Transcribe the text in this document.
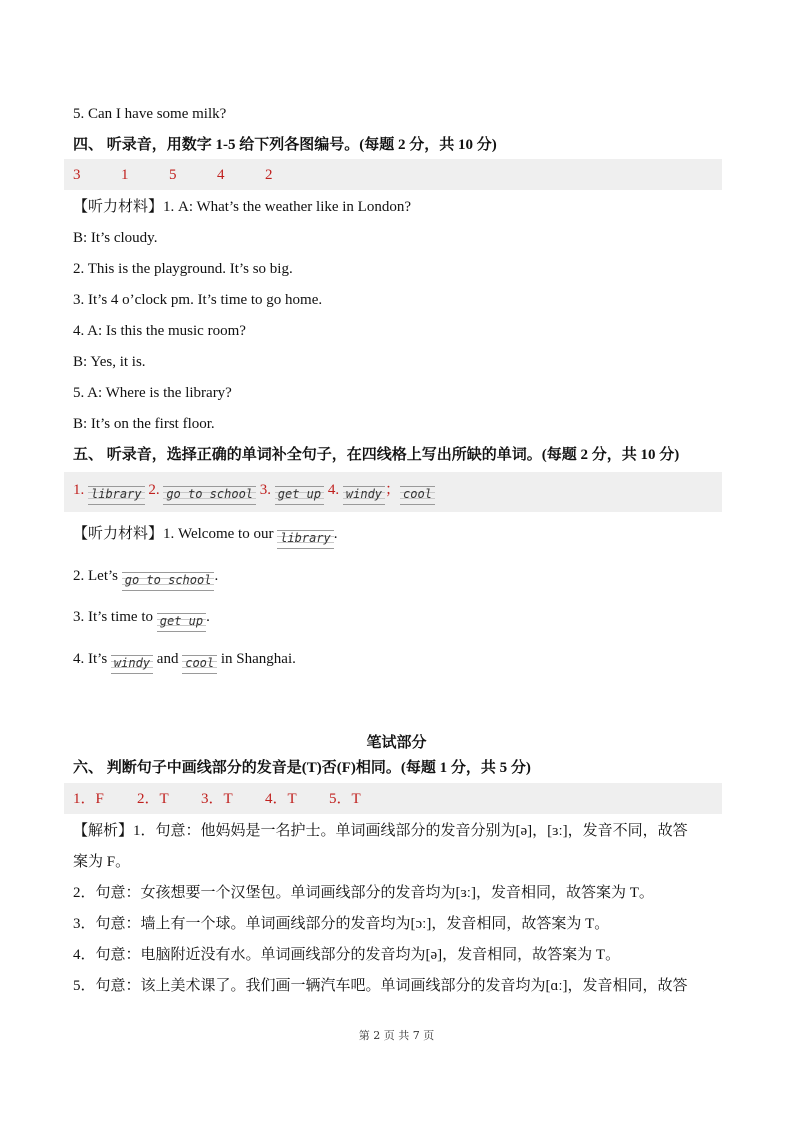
5. Can I have some milk?
四、 听录音，用数字 1-5 给下列各图编号。(每题 2 分，共 10 分)
3	1	5	4	2
【听力材料】1. A: What’s the weather like in London?
B: It’s cloudy.
2. This is the playground. It’s so big.
3. It’s 4 o’clock pm. It’s time to go home.
4. A: Is this the music room?
B: Yes, it is.
5. A: Where is the library?
B: It’s on the first floor.
五、 听录音，选择正确的单词补全句子，在四线格上写出所缺的单词。(每题 2 分，共 10 分)
1. library 2. go to school 3. get up 4. windy ； cool
【听力材料】1. Welcome to our library .
2. Let’s go to school .
3. It’s time to get up .
4. It’s windy and cool in Shanghai.
笔试部分
六、 判断句子中画线部分的发音是(T)否(F)相同。(每题 1 分，共 5 分)
1．F 2．T 3．T 4．T 5．T
【解析】1．句意：他妈妈是一名护士。单词画线部分的发音分别为[ə]，[ɜː]，发音不同，故答
案为 F。
2．句意：女孩想要一个汉堡包。单词画线部分的发音均为[ɜː]，发音相同，故答案为 T。
3．句意：墙上有一个球。单词画线部分的发音均为[ɔː]，发音相同，故答案为 T。
4．句意：电脑附近没有水。单词画线部分的发音均为[ə]，发音相同，故答案为 T。
5．句意：该上美术课了。我们画一辆汽车吧。单词画线部分的发音均为[ɑː]，发音相同，故答
第 2 页 共 7 页
